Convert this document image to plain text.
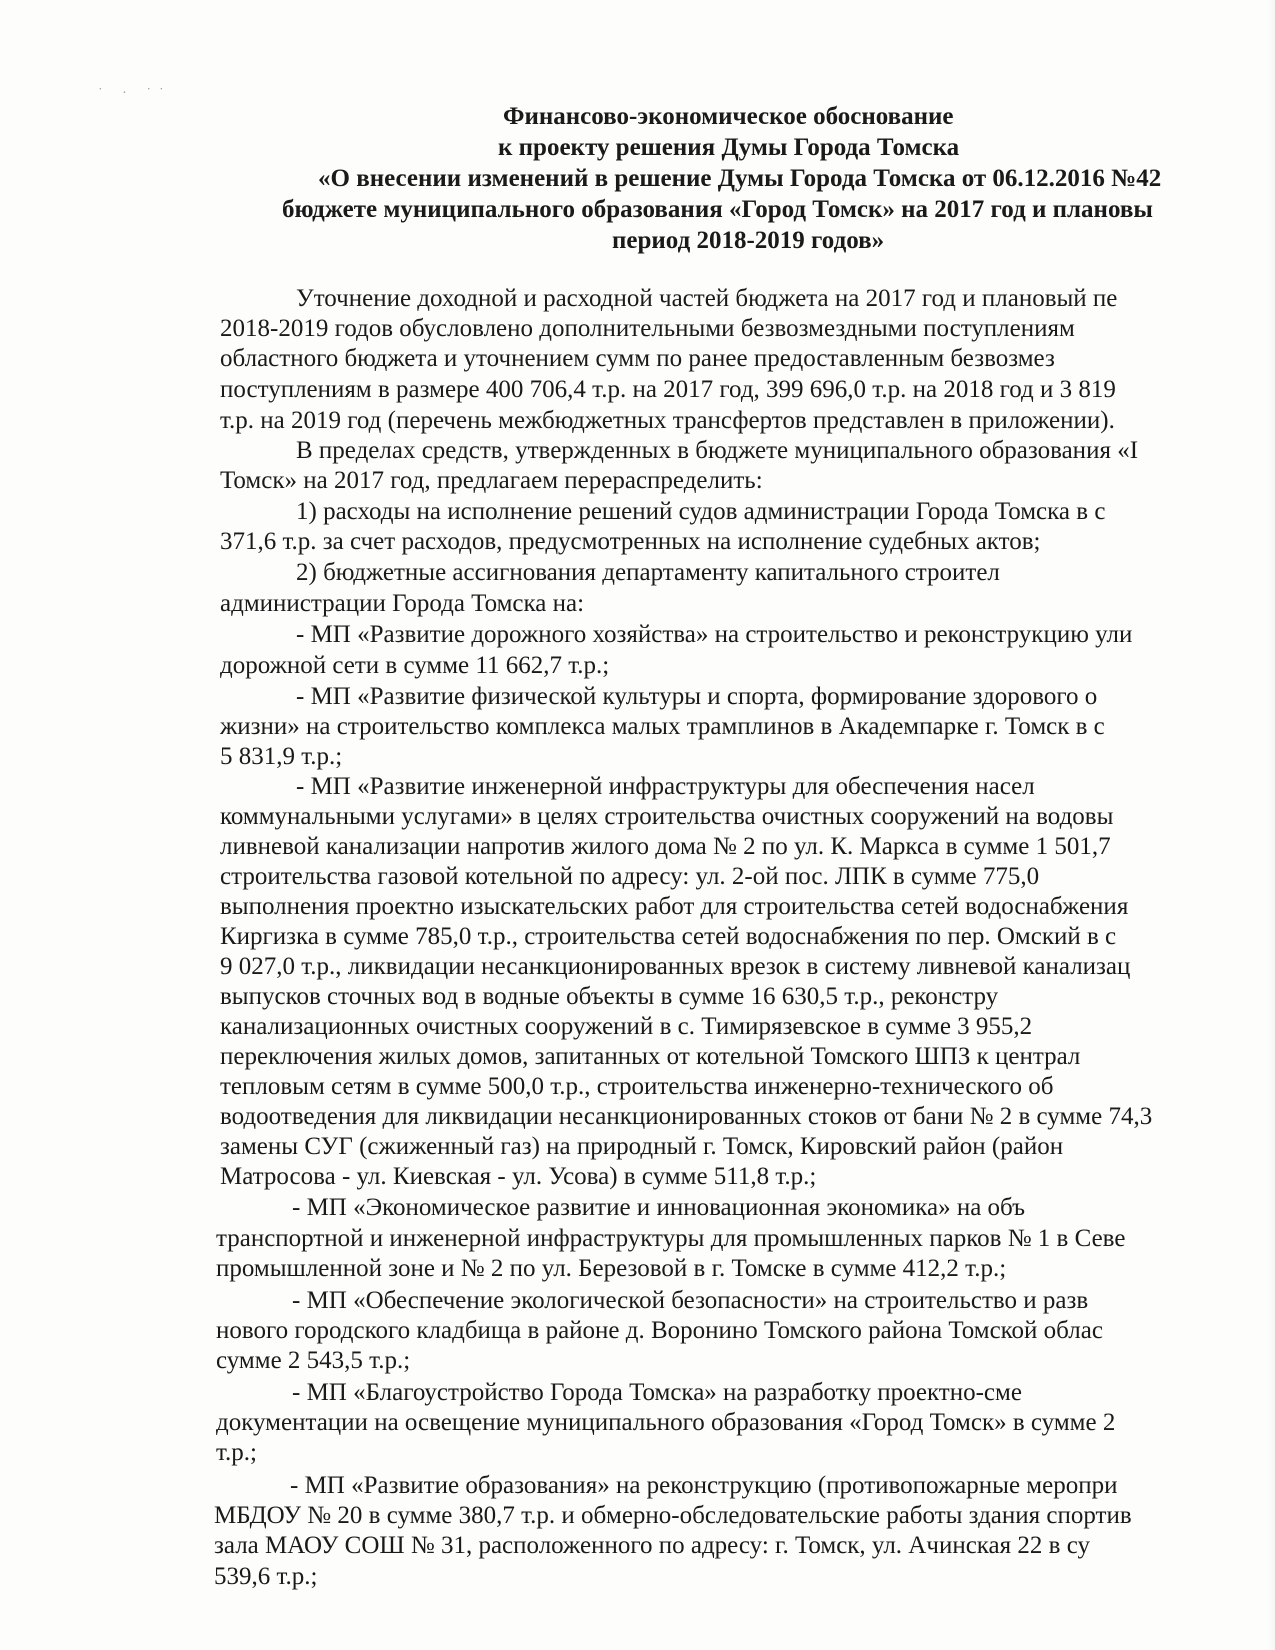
˙ · ˙˙
Финансово-экономическое обоснование
к проекту решения Думы Города Томска
«О внесении изменений в решение Думы Города Томска от 06.12.2016 №42
бюджете муниципального образования «Город Томск» на 2017 год и плановы
период 2018-2019 годов»
Уточнение доходной и расходной частей бюджета на 2017 год и плановый пе
2018-2019 годов обусловлено дополнительными безвозмездными поступлениям
областного бюджета и уточнением сумм по ранее предоставленным безвозмез
поступлениям в размере 400 706,4 т.р. на 2017 год, 399 696,0 т.р. на 2018 год и 3 819
т.р. на 2019 год (перечень межбюджетных трансфертов представлен в приложении).
В пределах средств, утвержденных в бюджете муниципального образования «І
Томск» на 2017 год, предлагаем перераспределить:
1) расходы на исполнение решений судов администрации Города Томска в с
371,6 т.р. за счет расходов, предусмотренных на исполнение судебных актов;
2) бюджетные ассигнования департаменту капитального строител
администрации Города Томска на:
- МП «Развитие дорожного хозяйства» на строительство и реконструкцию ули
дорожной сети в сумме 11 662,7 т.р.;
- МП «Развитие физической культуры и спорта, формирование здорового о
жизни» на строительство комплекса малых трамплинов в Академпарке г. Томск в с
5 831,9 т.р.;
- МП «Развитие инженерной инфраструктуры для обеспечения насел
коммунальными услугами» в целях строительства очистных сооружений на водовы
ливневой канализации напротив жилого дома № 2 по ул. К. Маркса в сумме 1 501,7
строительства газовой котельной по адресу: ул. 2-ой пос. ЛПК в сумме 775,0
выполнения проектно изыскательских работ для строительства сетей водоснабжения
Киргизка в сумме 785,0 т.р., строительства сетей водоснабжения по пер. Омский в с
9 027,0 т.р., ликвидации несанкционированных врезок в систему ливневой канализац
выпусков сточных вод в водные объекты в сумме 16 630,5 т.р., реконстру
канализационных очистных сооружений в с. Тимирязевское в сумме 3 955,2
переключения жилых домов, запитанных от котельной Томского ШПЗ к централ
тепловым сетям в сумме 500,0 т.р., строительства инженерно-технического об
водоотведения для ликвидации несанкционированных стоков от бани № 2 в сумме 74,3
замены СУГ (сжиженный газ) на природный г. Томск, Кировский район (район
Матросова - ул. Киевская - ул. Усова) в сумме 511,8 т.р.;
- МП «Экономическое развитие и инновационная экономика» на объ
транспортной и инженерной инфраструктуры для промышленных парков № 1 в Севе
промышленной зоне и № 2 по ул. Березовой в г. Томске в сумме 412,2 т.р.;
- МП «Обеспечение экологической безопасности» на строительство и разв
нового городского кладбища в районе д. Воронино Томского района Томской облас
сумме 2 543,5 т.р.;
- МП «Благоустройство Города Томска» на разработку проектно-сме
документации на освещение муниципального образования «Город Томск» в сумме 2
т.р.;
- МП «Развитие образования» на реконструкцию (противопожарные меропри
МБДОУ № 20 в сумме 380,7 т.р. и обмерно-обследовательские работы здания спортив
зала МАОУ СОШ № 31, расположенного по адресу: г. Томск, ул. Ачинская 22 в су
539,6 т.р.;
